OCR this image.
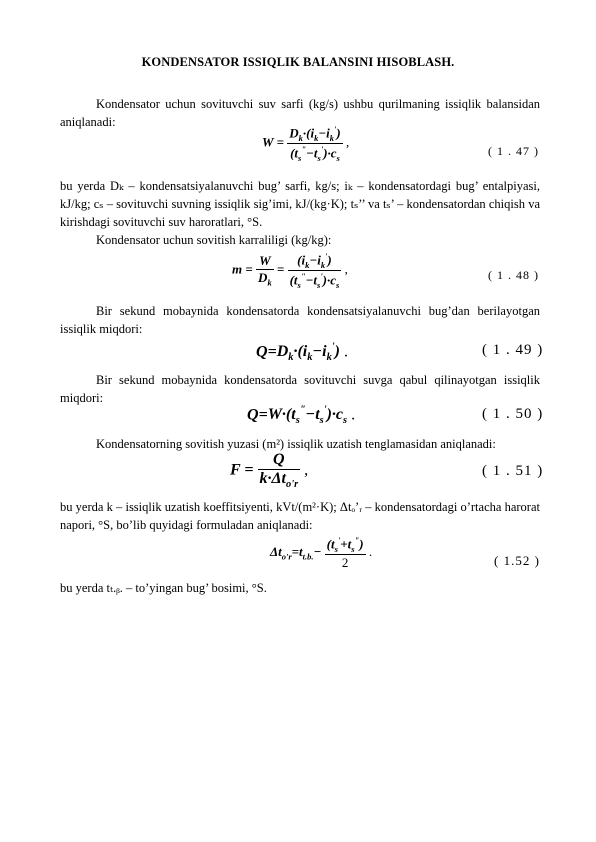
KONDENSATOR ISSIQLIK BALANSINI HISOBLASH.
Kondensator uchun sovituvchi suv sarfi (kg/s) ushbu qurilmaning issiqlik balansidan aniqlanadi:
$W = \frac{D_k\cdot(i_k-i_k')}{(t_s^"-t_s')\cdot c_s}$ ,
( 1 . 47 )
bu yerda Dₖ – kondensatsiyalanuvchi bug’ sarfi, kg/s; iₖ – kondensatordagi bug’ entalpiyasi, kJ/kg; cₛ – sovituvchi suvning issiqlik sig’imi, kJ/(kg·K); tₛ’’ va tₛ’ – kondensatordan chiqish va kirishdagi sovituvchi suv haroratlari, °S.
Kondensator uchun sovitish karraliligi (kg/kg):
$m = \frac{W}{D_k} = \frac{(i_k-i_k')}{(t_s^"-t_s')\cdot c_s}$ ,	( 1 . 48 )
Bir sekund mobaynida kondensatorda kondensatsiyalanuvchi bug’dan berilayotgan issiqlik miqdori:
$Q=D_k\cdot(i_k-i_k')$ .	( 1 . 49 )
Bir sekund mobaynida kondensatorda sovituvchi suvga qabul qilinayotgan issiqlik miqdori:
$Q=W\cdot(t_s^"-t_s')\cdot c_s$ .	( 1 . 50 )
Kondensatorning sovitish yuzasi (m²) issiqlik uzatish tenglamasidan aniqlanadi:
$F = \frac{Q}{k\cdot\Delta t_{o'r}}$ ,	( 1 . 51 )
bu yerda k – issiqlik uzatish koeffitsiyenti, kVt/(m²·K); Δtₒ’ᵣ – kondensatordagi o’rtacha harorat napori, °S, bo’lib quyidagi formuladan aniqlanadi:
$\Delta t_{o'r}=t_{t.b.}- \frac{(t_s'+t_s^")}{2}$ .
( 1.52 )
bu yerda tₜ.ᵦ. – to’yingan bug’ bosimi, °S.
